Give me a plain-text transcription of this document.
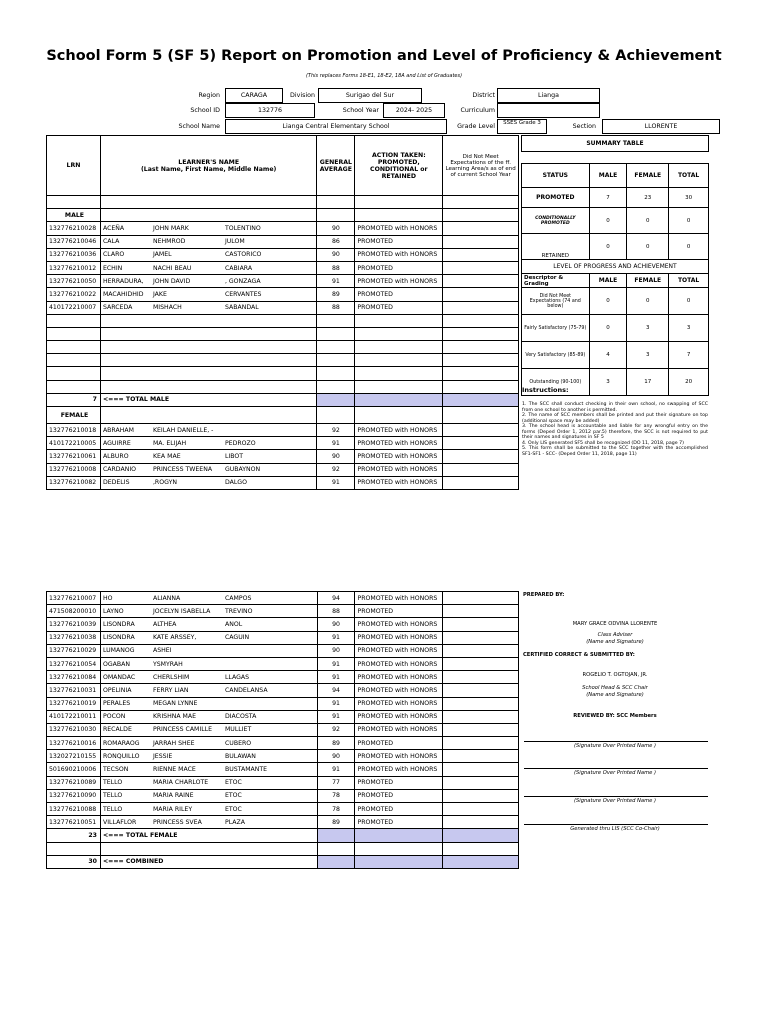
School Form 5 (SF 5) Report on Promotion and Level of Proficiency & Achievement
(This replaces Forms 18-E1, 18-E2, 18A and List of Graduates)
Region	CARAGA	Division	Surigao del Sur	District	Lianga
School ID	132776	School Year	2024- 2025	Curriculum
School Name	Lianga Central Elementary School	Grade Level	SSES Grade 3	Section	LLORENTE
LRN	LEARNER'S NAME
(Last Name, First Name, Middle Name)	GENERAL AVERAGE	ACTION TAKEN: PROMOTED, CONDITIONAL or RETAINED	Did Not Meet Expectations of the ff. Learning Area/s as of end of current School Year

MALE				
132776210028	ACEÑA JOHN MARK TOLENTINO	90	PROMOTED with HONORS	
132776210046	CALA NEHMROD JULOM	86	PROMOTED	
132776210036	CLARO JAMEL CASTORICO	90	PROMOTED with HONORS	
132776210012	ECHIN NACHI BEAU CABIARA	88	PROMOTED	
132776210050	HERRADURA, JOHN DAVID , GONZAGA	91	PROMOTED with HONORS	
132776210022	MACAHIDHID JAKE CERVANTES	89	PROMOTED	
410172210007	SARCEDA MISHACH SABANDAL	88	PROMOTED	

7	<=== TOTAL MALE			
FEMALE				
132776210018	ABRAHAM KEILAH DANIELLE, -	92	PROMOTED with HONORS	
410172210005	AGUIRRE MA. ELIJAH PEDROZO	91	PROMOTED with HONORS	
132776210061	ALBURO KEA MAE LIBOT	90	PROMOTED with HONORS	
132776210008	CARDANIO PRINCESS TWEENA GUBAYNON	92	PROMOTED with HONORS	
132776210082	DEDELIS ,ROGYN DALGO	91	PROMOTED with HONORS	
132776210007	HO ALIANNA CAMPOS	94	PROMOTED with HONORS	
471508200010	LAYNO JOCELYN ISABELLA TREVINO	88	PROMOTED	
132776210039	LISONDRA ALTHEA ANOL	90	PROMOTED with HONORS	
132776210038	LISONDRA KATE ARSSEY, CAGUIN	91	PROMOTED with HONORS	
132776210029	LUMANOG ASHEI	90	PROMOTED with HONORS	
132776210054	OGABAN YSMYRAH	91	PROMOTED with HONORS	
132776210084	OMANDAC CHERLSHIM LLAGAS	91	PROMOTED with HONORS	
132776210031	OPELINIA FERRY LIAN CANDELANSA	94	PROMOTED with HONORS	
132776210019	PERALES MEGAN LYNNE	91	PROMOTED with HONORS	
410172210011	POCON KRISHNA MAE DIACOSTA	91	PROMOTED with HONORS	
132776210030	RECALDE PRINCESS CAMILLE MULLIET	92	PROMOTED with HONORS	
132776210016	ROMARAOG JARRAH SHEE CUBERO	89	PROMOTED	
132027210155	RONQUILLO JESSIE BULAWAN	90	PROMOTED with HONORS	
501690210006	TECSON RIENNE MACE BUSTAMANTE	91	PROMOTED with HONORS	
132776210089	TELLO MARIA CHARLOTE ETOC	77	PROMOTED	
132776210090	TELLO MARIA RAINE ETOC	78	PROMOTED	
132776210088	TELLO MARIA RILEY ETOC	78	PROMOTED	
132776210051	VILLAFLOR PRINCESS SVEA PLAZA	89	PROMOTED	
23	<=== TOTAL FEMALE			

30	<=== COMBINED			
SUMMARY TABLE			

STATUS	MALE	FEMALE	TOTAL
PROMOTED	7	23	30
CONDITIONALLY PROMOTED	0	0	0
RETAINED	0	0	0
LEVEL OF PROGRESS AND ACHIEVEMENT			
Descriptor & Grading	MALE	FEMALE	TOTAL
Did Not Meet Expectations (74 and below)	0	0	0
Fairly Satisfactory (75-79)	0	3	3
Very Satisfactory (85-89)	4	3	7
Outstanding (90-100)	3	17	20
Instructions:

1. The SCC shall conduct checking in their own school, no swapping of SCC from one school to another is permitted.

2. The name of SCC members shall be printed and put their signature on top (additional space may be added)

3. The school head is accountable and liable for any wrongful entry on the forms (Deped Order 1, 2012 par.5) therefore, the SCC is not required to put their names and signatures in SF 5

4. Only LIS generated SF5 shall be recognized (DO 11, 2018, page 7)

5. This form shall be submitted to the SCC together with the accomplished SF1-SF1 - SCC- (Deped Order 11, 2018, page 11)

PREPARED BY:
MARY GRACE ODVINA LLORENTE
Class Adviser
(Name and Signature)
CERTIFIED CORRECT & SUBMITTED BY:
ROGELIO T. OGTOJAN, JR.
School Head & SCC Chair
(Name and Signature)
REVIEWED BY: SCC Members
(Signature Over Printed Name )
(Signature Over Printed Name )
(Signature Over Printed Name )
Generated thru LIS (SCC Co-Chair)
